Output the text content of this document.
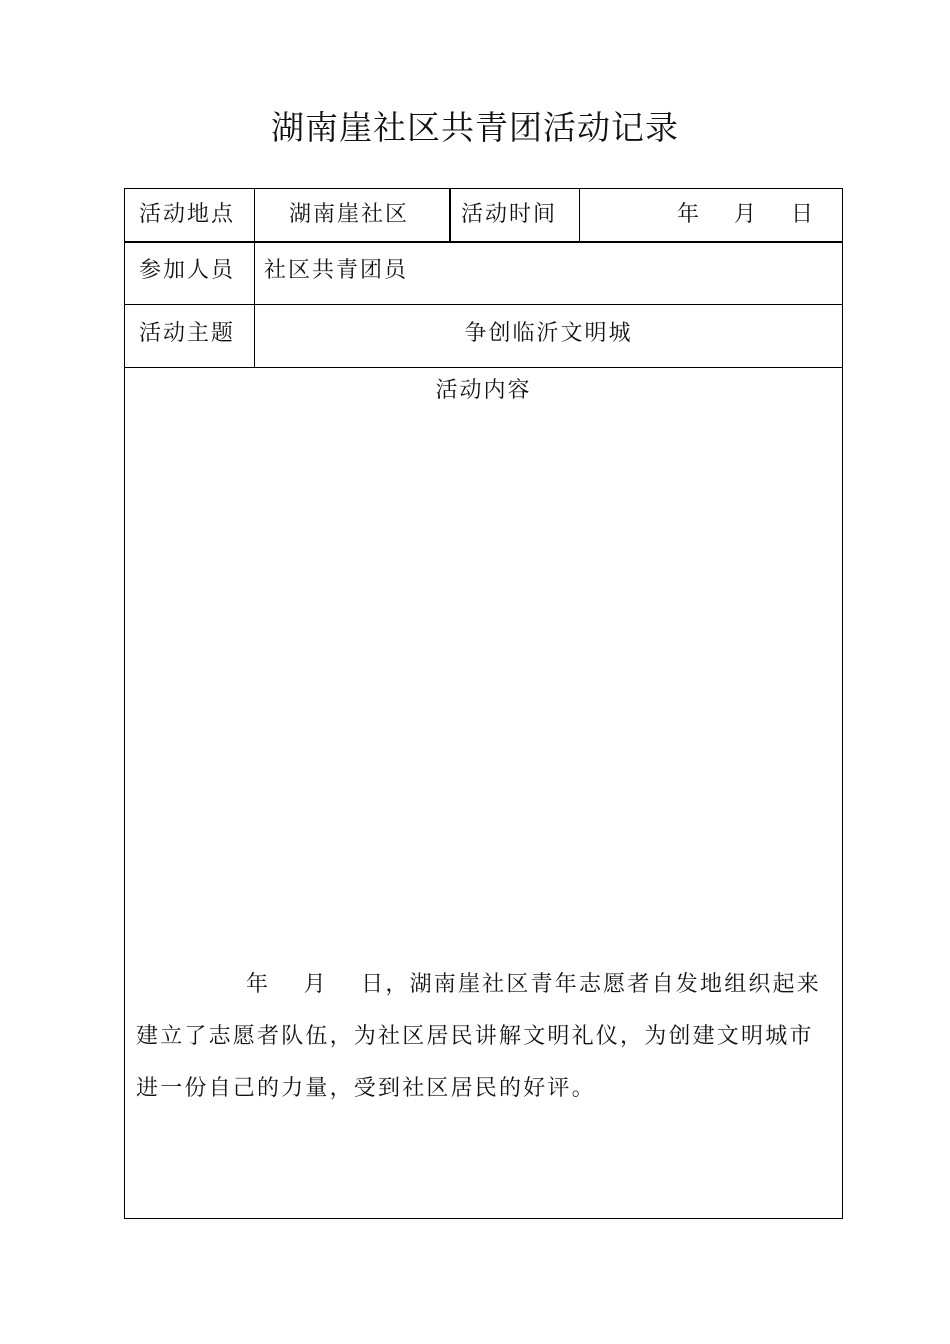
湖南崖社区共青团活动记录
活动地点 湖南崖社区 活动时间	年　 月　 日
参加人员 社区共青团员
活动主题	争创临沂文明城
活动内容
年　 月　 日，湖南崖社区青年志愿者自发地组织起来建立了志愿者队伍，为社区居民讲解文明礼仪，为创建文明城市进一份自己的力量，受到社区居民的好评。
